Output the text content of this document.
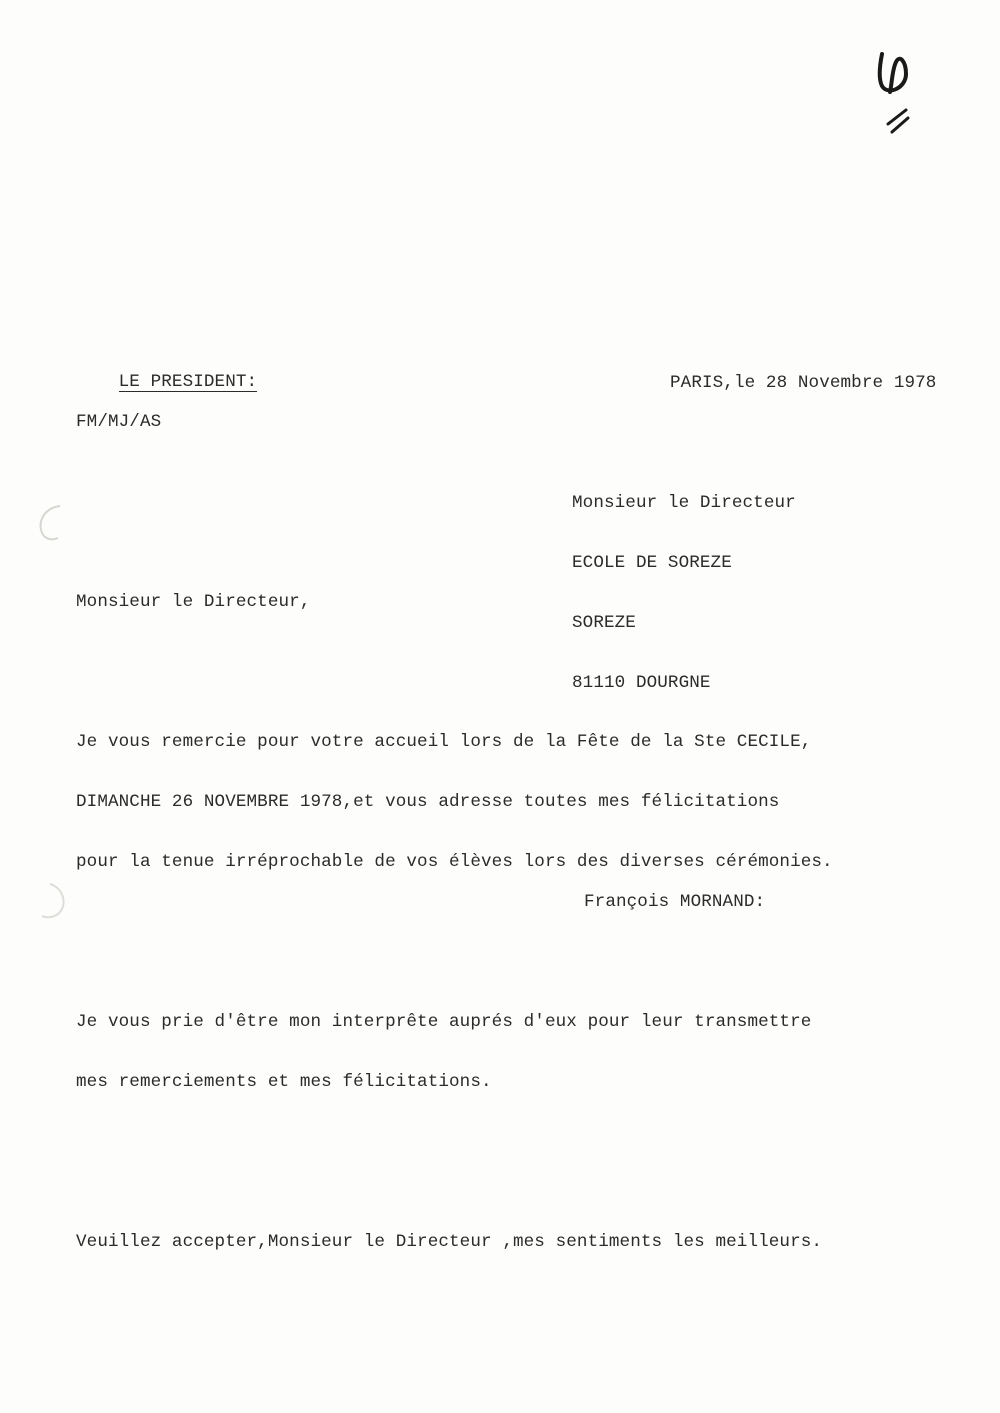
LE PRESIDENT:

FM/MJ/AS

PARIS,le 28 Novembre 1978

Monsieur le Directeur

ECOLE DE SOREZE

SOREZE

81110 DOURGNE

Monsieur le Directeur,

Je vous remercie pour votre accueil lors de la Fête de la Ste CECILE,

DIMANCHE 26 NOVEMBRE 1978,et vous adresse toutes mes félicitations

pour la tenue irréprochable de vos élèves lors des diverses cérémonies.

Je vous prie d'être mon interprête auprés d'eux pour leur transmettre

mes remerciements et mes félicitations.

Veuillez accepter,Monsieur le Directeur ,mes sentiments les meilleurs.

François MORNAND:
